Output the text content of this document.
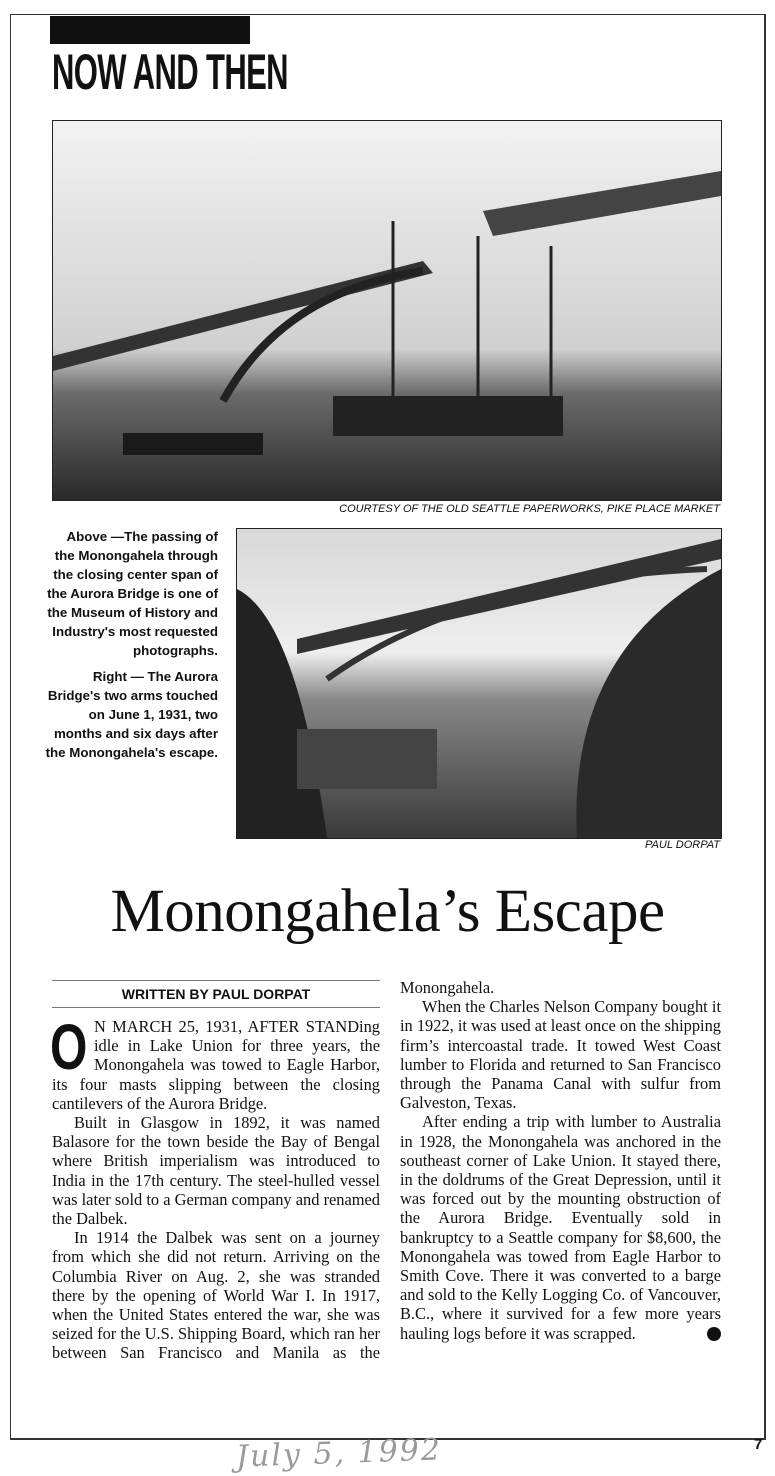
NOW AND THEN
COURTESY OF THE OLD SEATTLE PAPERWORKS, PIKE PLACE MARKET

Above —The passing of the Monongahela through the closing center span of the Aurora Bridge is one of the Museum of History and Industry's most requested photographs.

Right — The Aurora Bridge's two arms touched on June 1, 1931, two months and six days after the Monongahela's escape.

PAUL DORPAT
Monongahela’s Escape
WRITTEN BY PAUL DORPAT

O N MARCH 25, 1931, AFTER STANDing idle in Lake Union for three years, the Monongahela was towed to Eagle Harbor, its four masts slipping between the closing cantilevers of the Aurora Bridge.

Built in Glasgow in 1892, it was named Balasore for the town beside the Bay of Bengal where British imperialism was introduced to India in the 17th century. The steel-hulled vessel was later sold to a German company and renamed the Dalbek.

In 1914 the Dalbek was sent on a journey from which she did not return. Arriving on the Columbia River on Aug. 2, she was stranded there by the opening of World War I. In 1917, when the United States entered the war, she was seized for the U.S. Shipping Board, which ran her between San Francisco and Manila as the

Monongahela.

When the Charles Nelson Company bought it in 1922, it was used at least once on the shipping firm’s intercoastal trade. It towed West Coast lumber to Florida and returned to San Francisco through the Panama Canal with sulfur from Galveston, Texas.

After ending a trip with lumber to Australia in 1928, the Monongahela was anchored in the southeast corner of Lake Union. It stayed there, in the doldrums of the Great Depression, until it was forced out by the mounting obstruction of the Aurora Bridge. Eventually sold in bankruptcy to a Seattle company for $8,600, the Monongahela was towed from Eagle Harbor to Smith Cove. There it was converted to a barge and sold to the Kelly Logging Co. of Vancouver, B.C., where it survived for a few more years hauling logs before it was scrapped.	P

July 5, 1992	7
